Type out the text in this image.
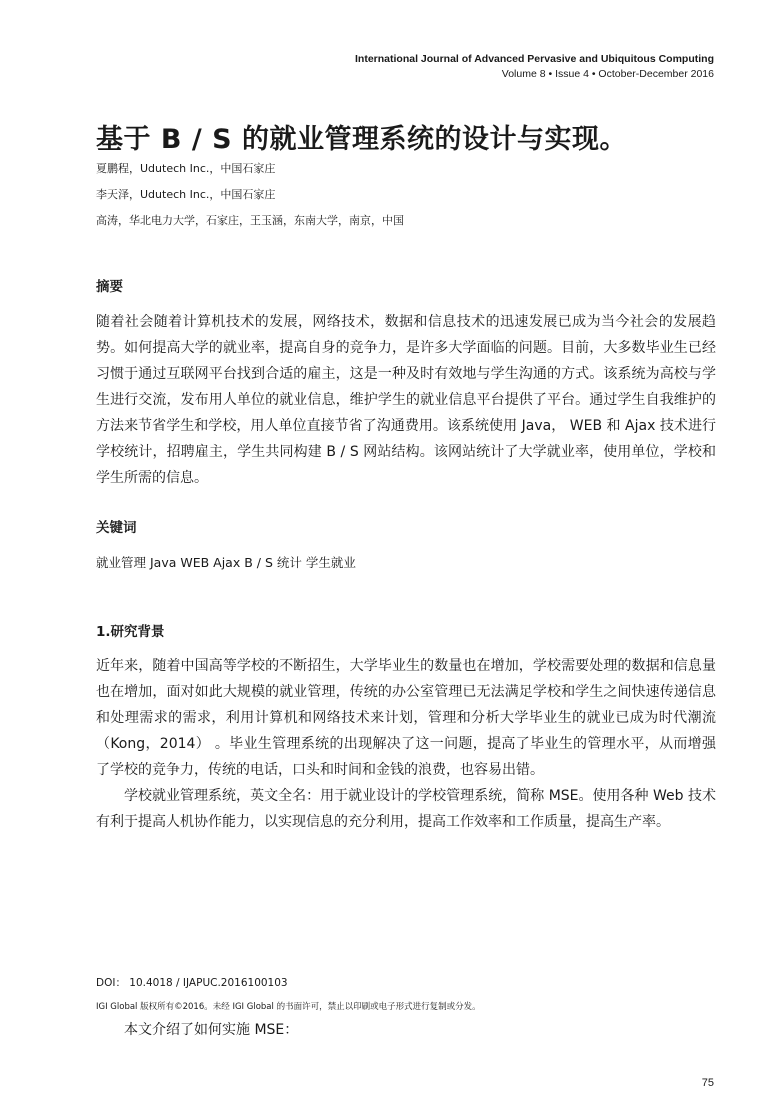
International Journal of Advanced Pervasive and Ubiquitous Computing
Volume 8 • Issue 4 • October-December 2016
基于 B / S 的就业管理系统的设计与实现。
夏鹏程，Udutech Inc.，中国石家庄
李天泽，Udutech Inc.，中国石家庄
高涛，华北电力大学，石家庄，王玉涵，东南大学，南京，中国
摘要

随着社会随着计算机技术的发展，网络技术，数据和信息技术的迅速发展已成为当今社会的发展趋势。如何提高大学的就业率，提高自身的竞争力，是许多大学面临的问题。目前，大多数毕业生已经习惯于通过互联网平台找到合适的雇主，这是一种及时有效地与学生沟通的方式。该系统为高校与学生进行交流，发布用人单位的就业信息，维护学生的就业信息平台提供了平台。通过学生自我维护的方法来节省学生和学校，用人单位直接节省了沟通费用。该系统使用 Java， WEB 和 Ajax 技术进行学校统计，招聘雇主，学生共同构建 B / S 网站结构。该网站统计了大学就业率，使用单位，学校和学生所需的信息。

关键词
就业管理 Java WEB Ajax B / S 统计 学生就业
1.研究背景

近年来，随着中国高等学校的不断招生，大学毕业生的数量也在增加，学校需要处理的数据和信息量也在增加，面对如此大规模的就业管理，传统的办公室管理已无法满足学校和学生之间快速传递信息和处理需求的需求，利用计算机和网络技术来计划，管理和分析大学毕业生的就业已成为时代潮流（Kong，2014） 。毕业生管理系统的出现解决了这一问题，提高了毕业生的管理水平，从而增强了学校的竞争力，传统的电话，口头和时间和金钱的浪费，也容易出错。

学校就业管理系统，英文全名：用于就业设计的学校管理系统，简称 MSE。使用各种 Web 技术有利于提高人机协作能力，以实现信息的充分利用，提高工作效率和工作质量，提高生产率。

DOI： 10.4018 / IJAPUC.2016100103
IGI Global 版权所有©2016。未经 IGI Global 的书面许可，禁止以印刷或电子形式进行复制或分发。
本文介绍了如何实施 MSE：
75
